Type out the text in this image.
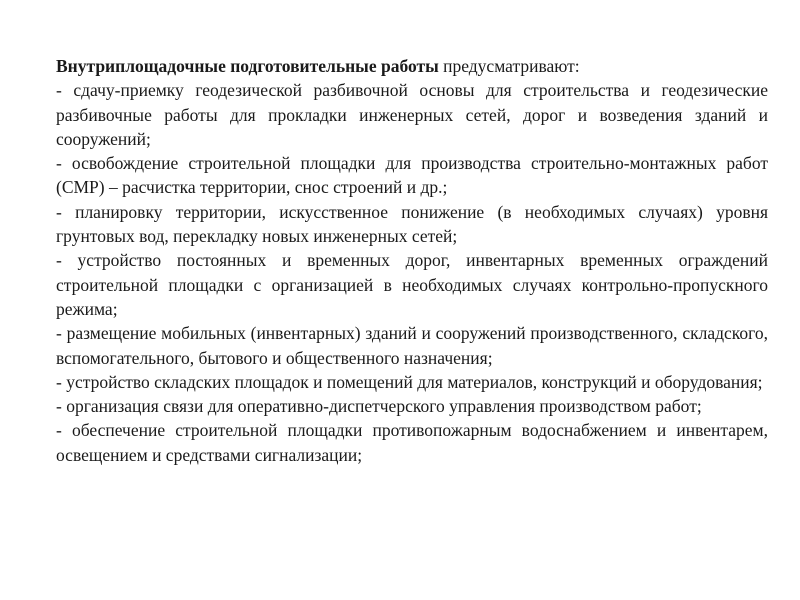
Внутриплощадочные подготовительные работы предусматривают:

- сдачу-приемку геодезической разбивочной основы для строительства и геодезические разбивочные работы для прокладки инженерных сетей, дорог и возведения зданий и сооружений;

- освобождение строительной площадки для производства строительно-монтажных работ (СМР) – расчистка территории, снос строений и др.;

- планировку территории, искусственное понижение (в необходимых случаях) уровня грунтовых вод, перекладку новых инженерных сетей;

- устройство постоянных и временных дорог, инвентарных временных ограждений строительной площадки с организацией в необходимых случаях контрольно-пропускного режима;

- размещение мобильных (инвентарных) зданий и сооружений производственного, складского, вспомогательного, бытового и общественного назначения;

- устройство складских площадок и помещений для материалов, конструкций и оборудования;

- организация связи для оперативно-диспетчерского управления производством работ;

- обеспечение строительной площадки противопожарным водоснабжением и инвентарем, освещением и средствами сигнализации;
